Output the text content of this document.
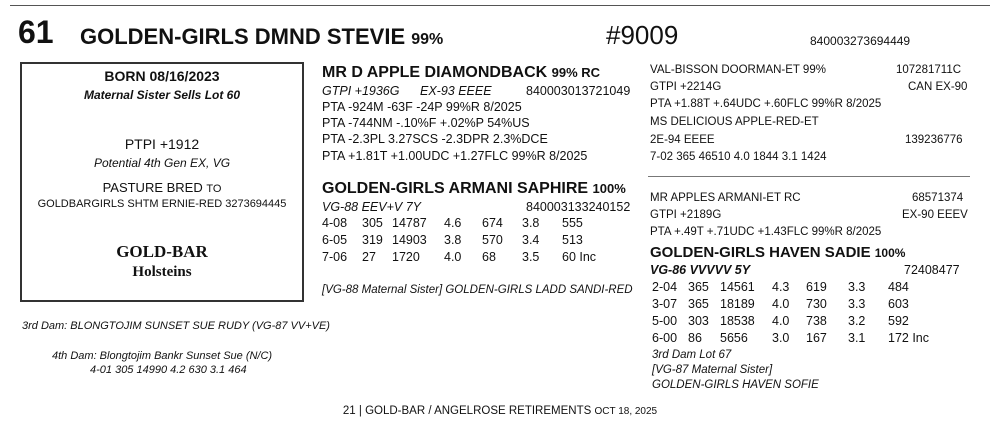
61 GOLDEN-GIRLS DMND STEVIE 99%	#9009	840003273694449
BORN 08/16/2023
Maternal Sister Sells Lot 60
PTPI +1912
Potential 4th Gen EX, VG
PASTURE BRED TO
GOLDBARGIRLS SHTM ERNIE-RED 3273694445
GOLD-BAR
Holsteins
3rd Dam: BLONGTOJIM SUNSET SUE RUDY (VG-87 VV+VE)
4th Dam: Blongtojim Bankr Sunset Sue (N/C)
4-01 305 14990 4.2 630 3.1 464
MR D APPLE DIAMONDBACK 99% RC
GTPI +1936G EX-93 EEEE	840003013721049
PTA -924M -63F -24P 99%R 8/2025
PTA -744NM -.10%F +.02%P 54%US
PTA -2.3PL 3.27SCS -2.3DPR 2.3%DCE
PTA +1.81T +1.00UDC +1.27FLC 99%R 8/2025
GOLDEN-GIRLS ARMANI SAPHIRE 100%
VG-88 EEV+V 7Y	840003133240152
4-08	305 14787	4.6	674	3.8	555
6-05	319 14903	3.8	570	3.4	513
7-06	27	1720	4.0	68	3.5	60 Inc
[VG-88 Maternal Sister] GOLDEN-GIRLS LADD SANDI-RED
VAL-BISSON DOORMAN-ET 99%	107281711C
GTPI +2214G	CAN EX-90
PTA +1.88T +.64UDC +.60FLC 99%R 8/2025
MS DELICIOUS APPLE-RED-ET
2E-94 EEEE	139236776
7-02 365 46510 4.0 1844 3.1 1424
MR APPLES ARMANI-ET RC	68571374
GTPI +2189G	EX-90 EEEV
PTA +.49T +.71UDC +1.43FLC 99%R 8/2025
GOLDEN-GIRLS HAVEN SADIE 100%
VG-86 VVVVV 5Y	72408477
2-04 365 14561	4.3	619	3.3	484
3-07 365 18189	4.0	730	3.3	603
5-00 303 18538	4.0	738	3.2	592
6-00 86	5656	3.0	167	3.1	172 Inc
3rd Dam Lot 67
[VG-87 Maternal Sister]
GOLDEN-GIRLS HAVEN SOFIE
21 | GOLD-BAR / ANGELROSE RETIREMENTS OCT 18, 2025
